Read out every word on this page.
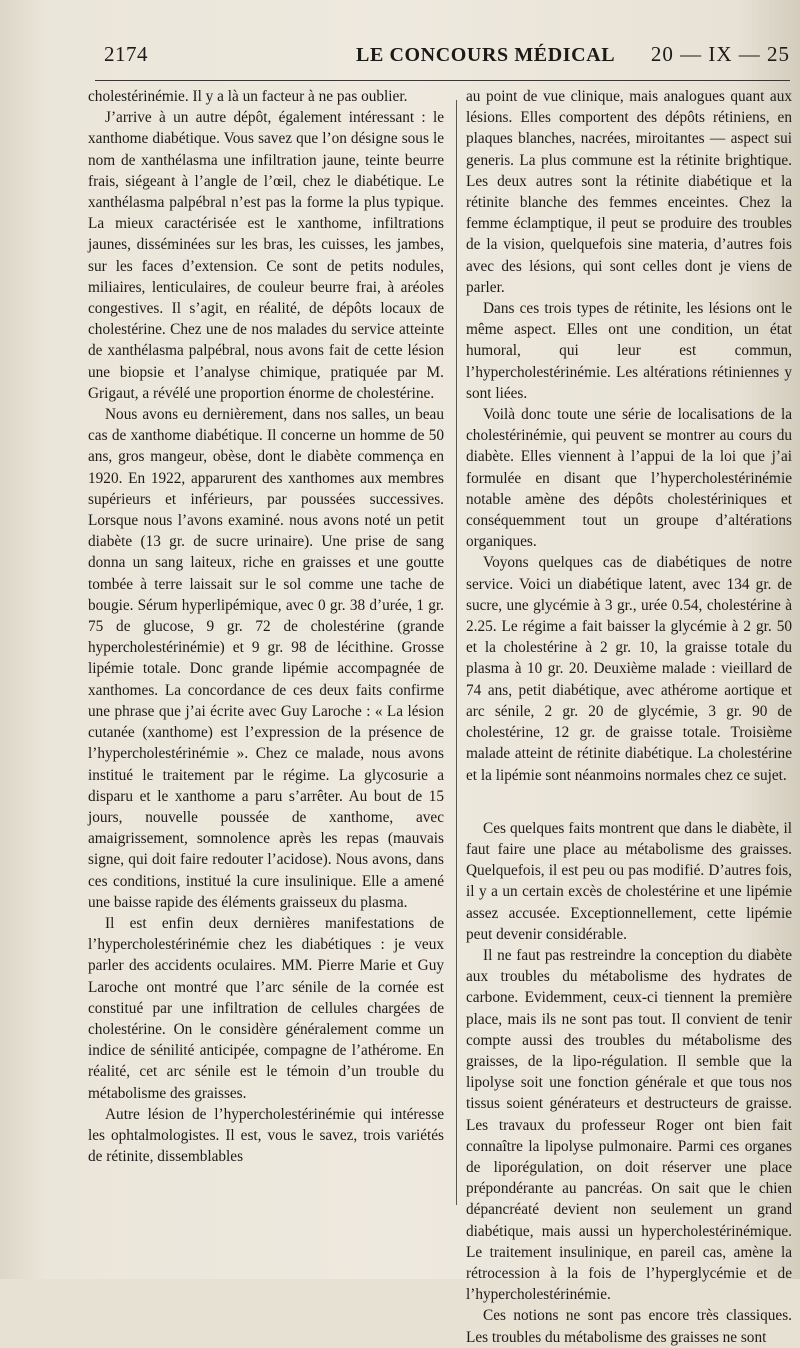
2174	LE CONCOURS MÉDICAL 20 — IX — 25

cholestérinémie. Il y a là un facteur à ne pas oublier.

J’arrive à un autre dépôt, également intéressant : le xanthome diabétique. Vous savez que l’on désigne sous le nom de xanthélasma une infiltration jaune, teinte beurre frais, siégeant à l’angle de l’œil, chez le diabétique. Le xanthélasma palpébral n’est pas la forme la plus typique. La mieux caractérisée est le xanthome, infiltrations jaunes, disséminées sur les bras, les cuisses, les jambes, sur les faces d’extension. Ce sont de petits nodules, miliaires, lenticulaires, de couleur beurre frai, à aréoles congestives. Il s’agit, en réalité, de dépôts locaux de cholestérine. Chez une de nos malades du service atteinte de xanthélasma palpébral, nous avons fait de cette lésion une biopsie et l’analyse chimique, pratiquée par M. Grigaut, a révélé une proportion énorme de cholestérine.

Nous avons eu dernièrement, dans nos salles, un beau cas de xanthome diabétique. Il concerne un homme de 50 ans, gros mangeur, obèse, dont le diabète commença en 1920. En 1922, apparurent des xanthomes aux membres supérieurs et inférieurs, par poussées successives. Lorsque nous l’avons examiné. nous avons noté un petit diabète (13 gr. de sucre urinaire). Une prise de sang donna un sang laiteux, riche en graisses et une goutte tombée à terre laissait sur le sol comme une tache de bougie. Sérum hyperlipémique, avec 0 gr. 38 d’urée, 1 gr. 75 de glucose, 9 gr. 72 de cholestérine (grande hypercholestérinémie) et 9 gr. 98 de lécithine. Grosse lipémie totale. Donc grande lipémie accompagnée de xanthomes. La concordance de ces deux faits confirme une phrase que j’ai écrite avec Guy Laroche : « La lésion cutanée (xanthome) est l’expression de la présence de l’hypercholestérinémie ». Chez ce malade, nous avons institué le traitement par le régime. La glycosurie a disparu et le xanthome a paru s’arrêter. Au bout de 15 jours, nouvelle poussée de xanthome, avec amaigrissement, somnolence après les repas (mauvais signe, qui doit faire redouter l’acidose). Nous avons, dans ces conditions, institué la cure insulinique. Elle a amené une baisse rapide des éléments graisseux du plasma.

Il est enfin deux dernières manifestations de l’hypercholestérinémie chez les diabétiques : je veux parler des accidents oculaires. MM. Pierre Marie et Guy Laroche ont montré que l’arc sénile de la cornée est constitué par une infiltration de cellules chargées de cholestérine. On le considère généralement comme un indice de sénilité anticipée, compagne de l’athérome. En réalité, cet arc sénile est le témoin d’un trouble du métabolisme des graisses.

Autre lésion de l’hypercholestérinémie qui intéresse les ophtalmologistes. Il est, vous le savez, trois variétés de rétinite, dissemblables

au point de vue clinique, mais analogues quant aux lésions. Elles comportent des dépôts rétiniens, en plaques blanches, nacrées, miroitantes — aspect sui generis. La plus commune est la rétinite brightique. Les deux autres sont la rétinite diabétique et la rétinite blanche des femmes enceintes. Chez la femme éclamptique, il peut se produire des troubles de la vision, quelquefois sine materia, d’autres fois avec des lésions, qui sont celles dont je viens de parler.

Dans ces trois types de rétinite, les lésions ont le même aspect. Elles ont une condition, un état humoral, qui leur est commun, l’hypercholestérinémie. Les altérations rétiniennes y sont liées.

Voilà donc toute une série de localisations de la cholestérinémie, qui peuvent se montrer au cours du diabète. Elles viennent à l’appui de la loi que j’ai formulée en disant que l’hypercholestérinémie notable amène des dépôts cholestériniques et conséquemment tout un groupe d’altérations organiques.

Voyons quelques cas de diabétiques de notre service. Voici un diabétique latent, avec 134 gr. de sucre, une glycémie à 3 gr., urée 0.54, cholestérine à 2.25. Le régime a fait baisser la glycémie à 2 gr. 50 et la cholestérine à 2 gr. 10, la graisse totale du plasma à 10 gr. 20. Deuxième malade : vieillard de 74 ans, petit diabétique, avec athérome aortique et arc sénile, 2 gr. 20 de glycémie, 3 gr. 90 de cholestérine, 12 gr. de graisse totale. Troisième malade atteint de rétinite diabétique. La cholestérine et la lipémie sont néanmoins normales chez ce sujet.

Ces quelques faits montrent que dans le diabète, il faut faire une place au métabolisme des graisses. Quelquefois, il est peu ou pas modifié. D’autres fois, il y a un certain excès de cholestérine et une lipémie assez accusée. Exceptionnellement, cette lipémie peut devenir considérable.

Il ne faut pas restreindre la conception du diabète aux troubles du métabolisme des hydrates de carbone. Evidemment, ceux-ci tiennent la première place, mais ils ne sont pas tout. Il convient de tenir compte aussi des troubles du métabolisme des graisses, de la lipo-régulation. Il semble que la lipolyse soit une fonction générale et que tous nos tissus soient générateurs et destructeurs de graisse. Les travaux du professeur Roger ont bien fait connaître la lipolyse pulmonaire. Parmi ces organes de liporégulation, on doit réserver une place prépondérante au pancréas. On sait que le chien dépancréaté devient non seulement un grand diabétique, mais aussi un hypercholestérinémique. Le traitement insulinique, en pareil cas, amène la rétrocession à la fois de l’hyperglycémie et de l’hypercholestérinémie.

Ces notions ne sont pas encore très classiques. Les troubles du métabolisme des graisses ne sont
